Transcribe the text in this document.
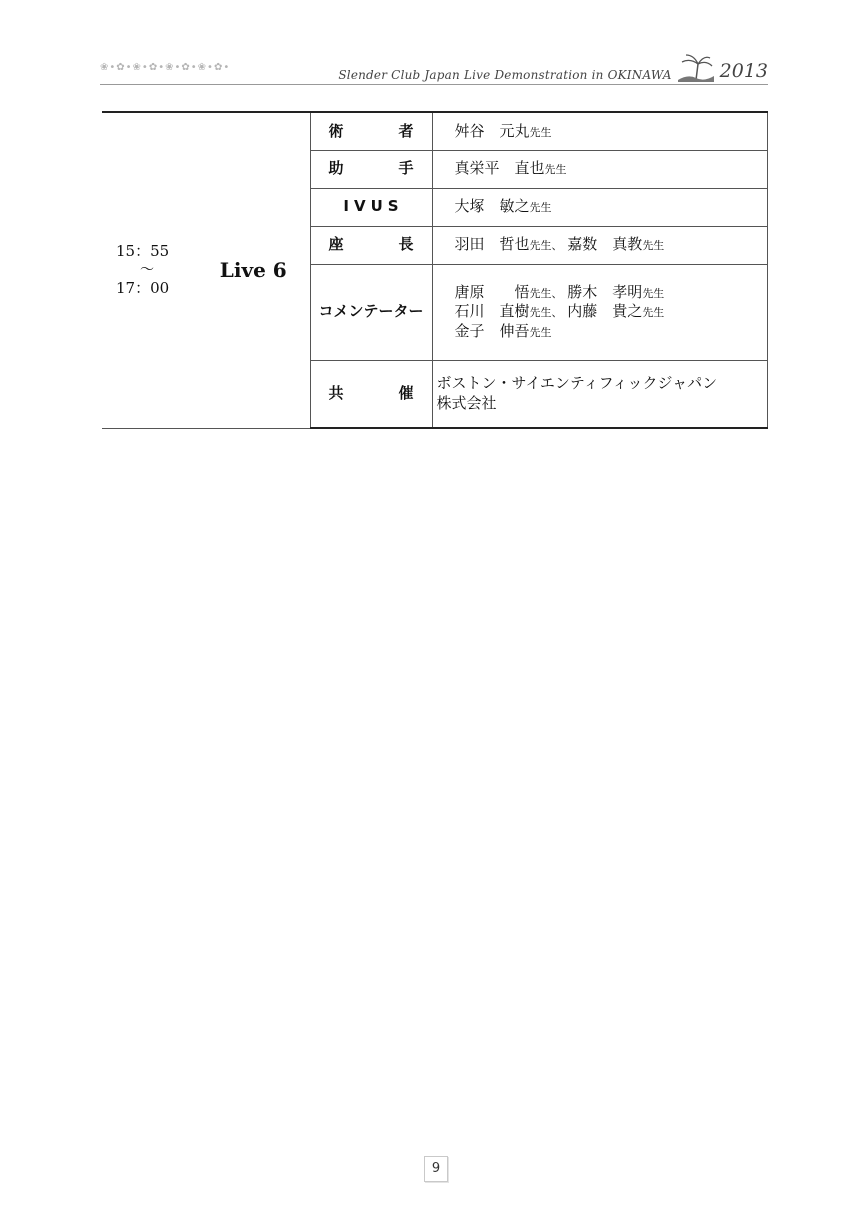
❀•✿•❀•✿•❀•✿•❀•✿•
Slender Club Japan Live Demonstration in OKINAWA	2013
15：55
～
17：00	Live 6	術　者	舛谷　元丸先生
		助　手	真栄平　直也先生
		IVUS	大塚　敏之先生
		座　長	羽田　哲也先生、 嘉数　真教先生
		コメンテーター	唐原　　悟先生、 勝木　孝明先生
石川　直樹先生、 内藤　貴之先生
金子　伸吾先生

		共　催	ボストン・サイエンティフィックジャパン
株式会社
9
